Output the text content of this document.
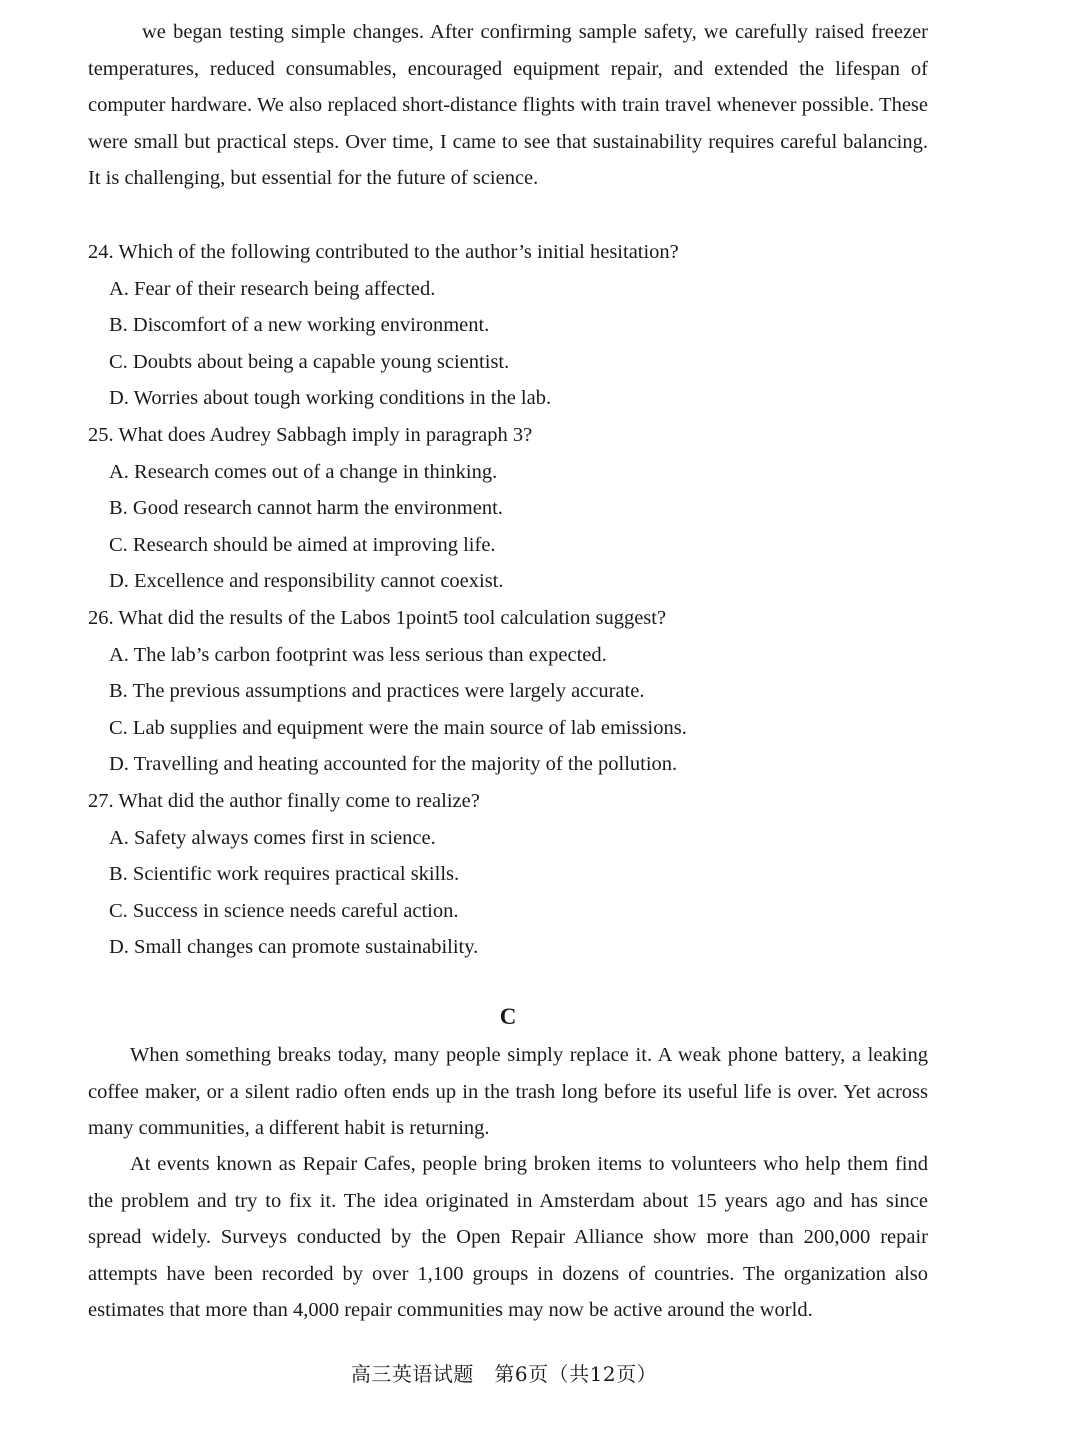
we began testing simple changes. After confirming sample safety, we carefully raised freezer temperatures, reduced consumables, encouraged equipment repair, and extended the lifespan of computer hardware. We also replaced short-distance flights with train travel whenever possible. These were small but practical steps. Over time, I came to see that sustainability requires careful balancing. It is challenging, but essential for the future of science.

24. Which of the following contributed to the author’s initial hesitation?
A. Fear of their research being affected.
B. Discomfort of a new working environment.
C. Doubts about being a capable young scientist.
D. Worries about tough working conditions in the lab.
25. What does Audrey Sabbagh imply in paragraph 3?
A. Research comes out of a change in thinking.
B. Good research cannot harm the environment.
C. Research should be aimed at improving life.
D. Excellence and responsibility cannot coexist.
26. What did the results of the Labos 1point5 tool calculation suggest?
A. The lab’s carbon footprint was less serious than expected.
B. The previous assumptions and practices were largely accurate.
C. Lab supplies and equipment were the main source of lab emissions.
D. Travelling and heating accounted for the majority of the pollution.
27. What did the author finally come to realize?
A. Safety always comes first in science.
B. Scientific work requires practical skills.
C. Success in science needs careful action.
D. Small changes can promote sustainability.
C

When something breaks today, many people simply replace it. A weak phone battery, a leaking coffee maker, or a silent radio often ends up in the trash long before its useful life is over. Yet across many communities, a different habit is returning.

At events known as Repair Cafes, people bring broken items to volunteers who help them find the problem and try to fix it. The idea originated in Amsterdam about 15 years ago and has since spread widely. Surveys conducted by the Open Repair Alliance show more than 200,000 repair attempts have been recorded by over 1,100 groups in dozens of countries. The organization also estimates that more than 4,000 repair communities may now be active around the world.

高三英语试题　第6页（共12页）
